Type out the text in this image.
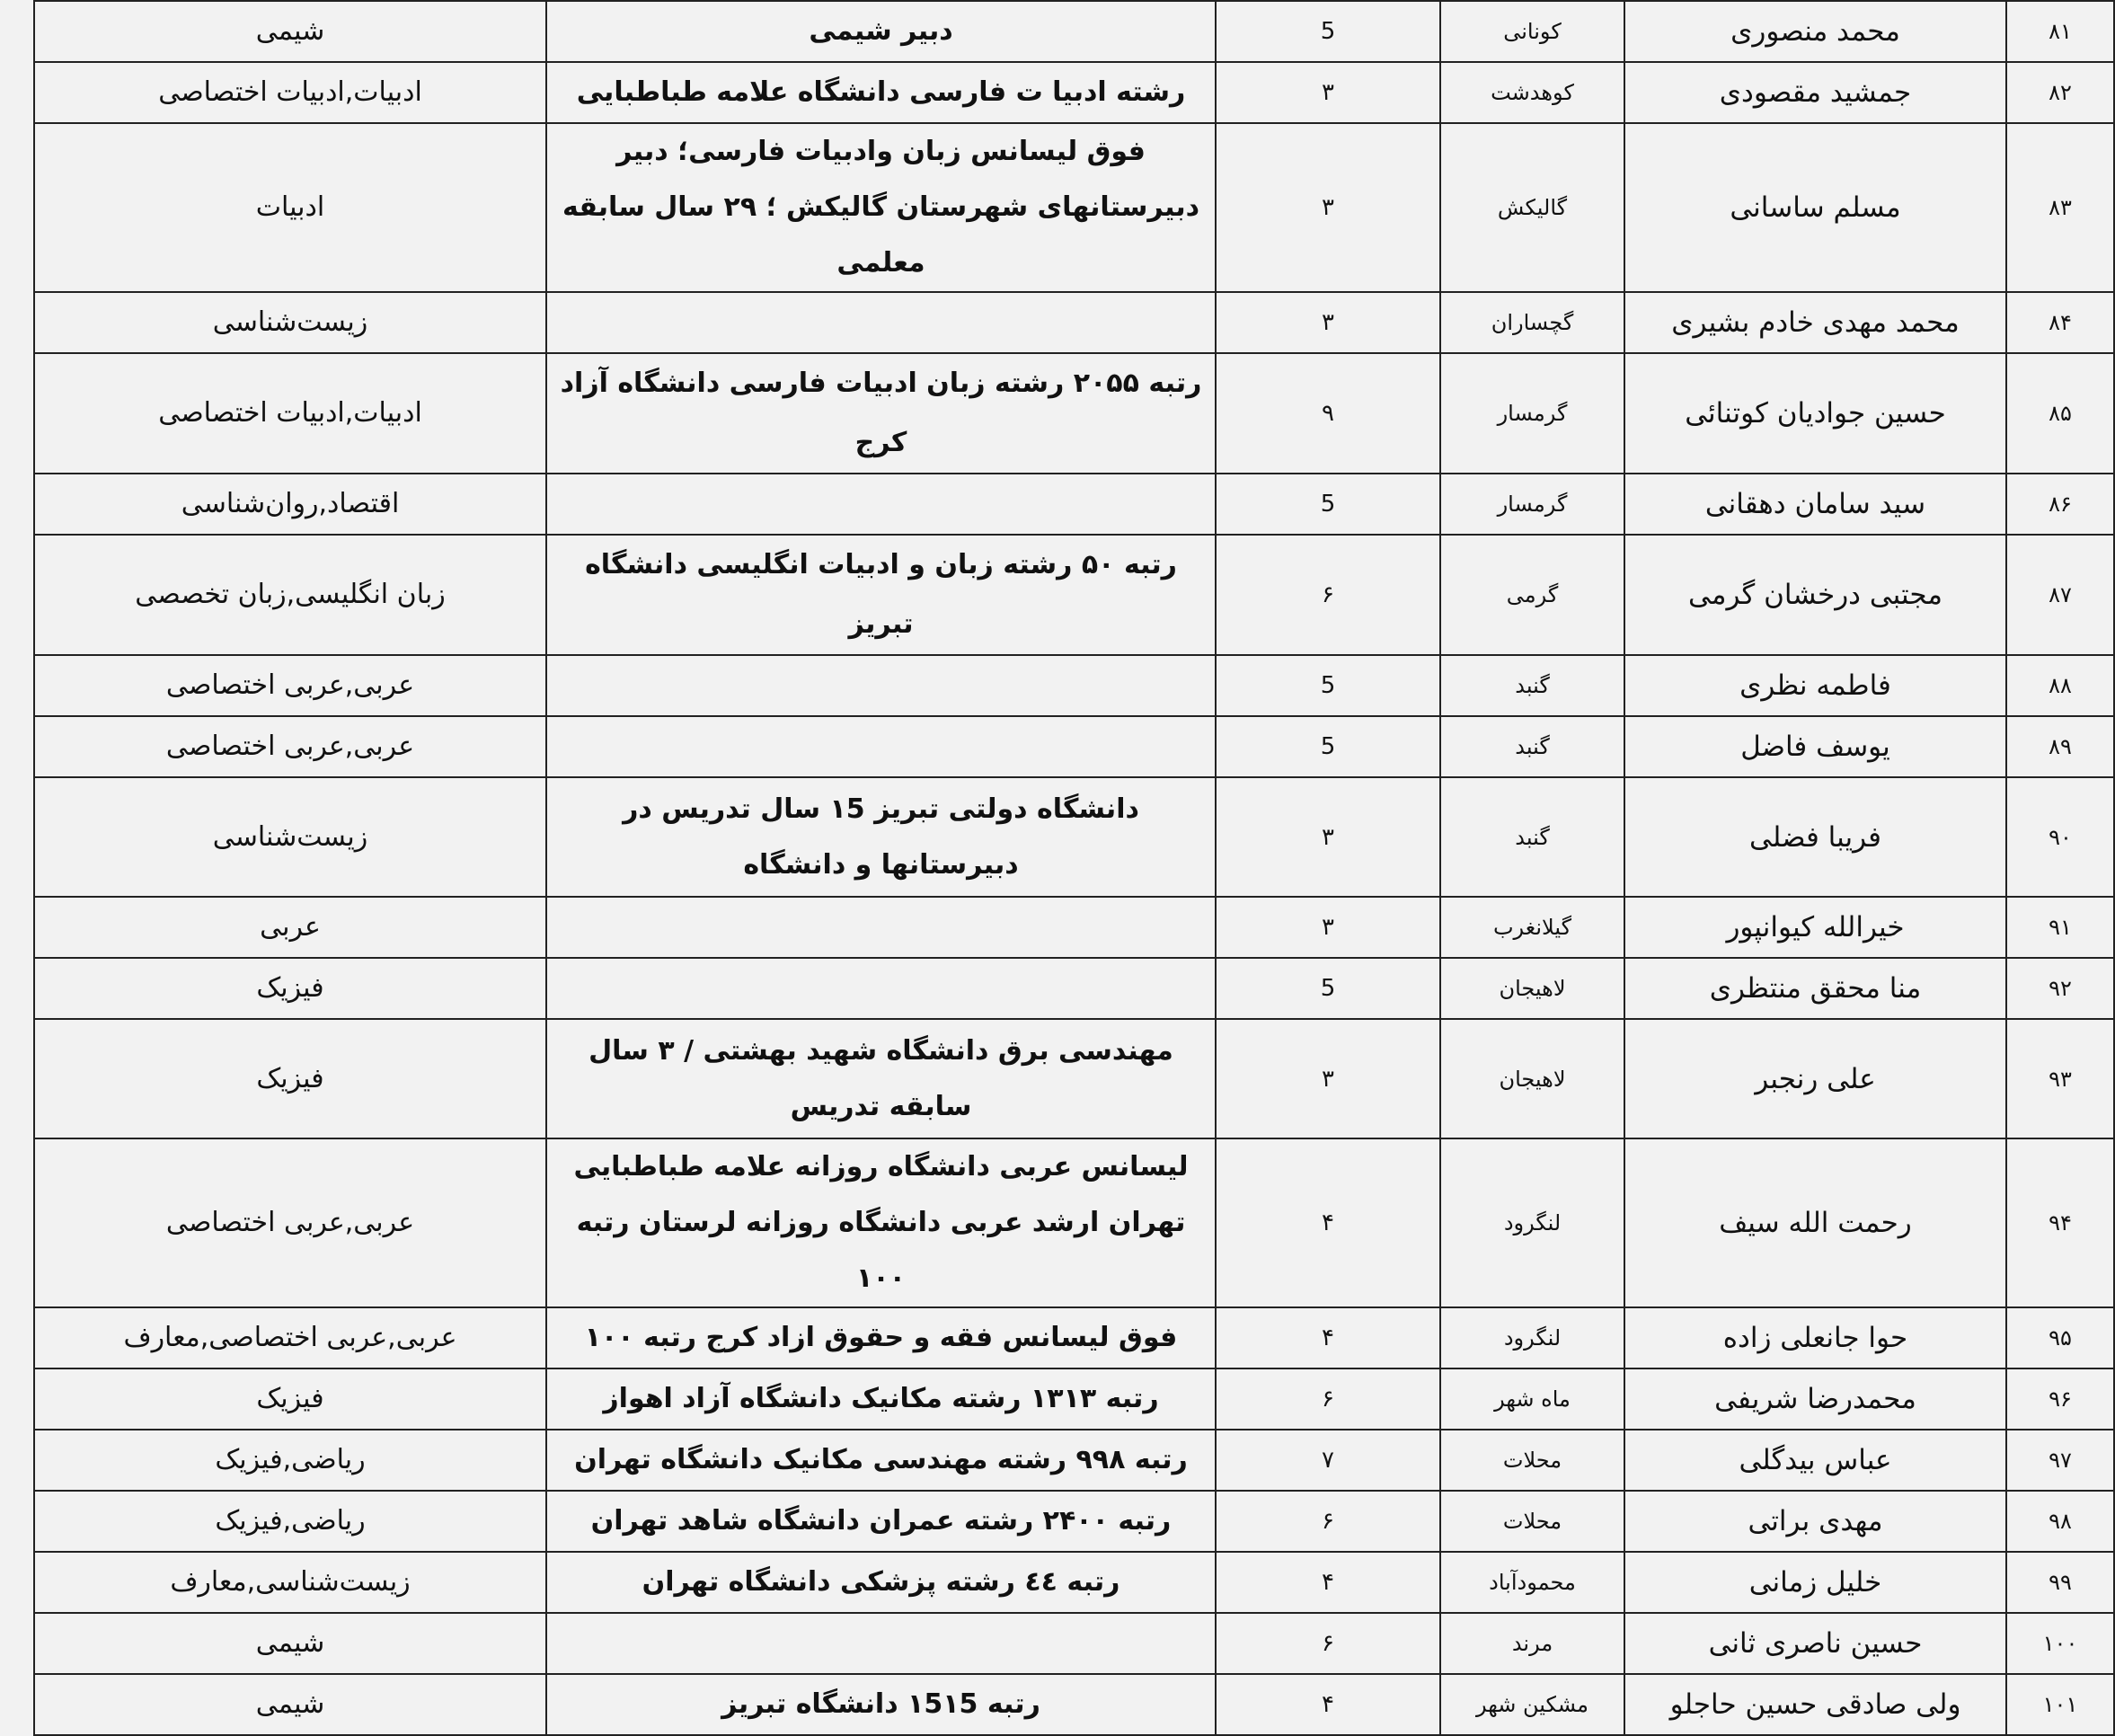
۸۱	محمد منصوری	کونانی	5	دبیر شیمی	شیمی
۸۲	جمشید مقصودی	کوهدشت	۳	رشته ادبیا ت فارسی دانشگاه علامه طباطبایی	ادبیات,ادبیات اختصاصی
۸۳	مسلم ساسانی	گالیکش	۳	فوق لیسانس زبان وادبیات فارسی؛ دبیر دبیرستانهای شهرستان گالیکش ؛ ۲۹ سال سابقه معلمی	ادبیات
۸۴	محمد مهدی خادم بشیری	گچساران	۳		زیست‌شناسی
۸۵	حسین جوادیان کوتنائی	گرمسار	۹	رتبه ۲۰۵۵ رشته زبان ادبیات فارسی دانشگاه آزاد کرج	ادبیات,ادبیات اختصاصی
۸۶	سید سامان دهقانی	گرمسار	5		اقتصاد,روان‌شناسی
۸۷	مجتبی درخشان گرمی	گرمی	۶	رتبه ۵۰ رشته زبان و ادبیات انگلیسی دانشگاه تبریز	زبان انگلیسی,زبان تخصصی
۸۸	فاطمه نظری	گنبد	5		عربی,عربی اختصاصی
۸۹	یوسف فاضل	گنبد	5		عربی,عربی اختصاصی
۹۰	فریبا فضلی	گنبد	۳	دانشگاه دولتی تبریز ۱5 سال تدریس در دبیرستانها و دانشگاه	زیست‌شناسی
۹۱	خیرالله کیوانپور	گیلانغرب	۳		عربی
۹۲	منا محقق منتظری	لاهیجان	5		فیزیک
۹۳	علی رنجبر	لاهیجان	۳	مهندسی برق دانشگاه شهید بهشتی / ۳ سال سابقه تدریس	فیزیک
۹۴	رحمت الله سیف	لنگرود	۴	لیسانس عربی دانشگاه روزانه علامه طباطبایی تهران ارشد عربی دانشگاه روزانه لرستان رتبه ۱۰۰	عربی,عربی اختصاصی
۹۵	حوا جانعلی زاده	لنگرود	۴	فوق لیسانس فقه و حقوق ازاد کرج رتبه ۱۰۰	عربی,عربی اختصاصی,معارف
۹۶	محمدرضا شریفی	ماه شهر	۶	رتبه ۱۳۱۳ رشته مکانیک دانشگاه آزاد اهواز	فیزیک
۹۷	عباس بیدگلی	محلات	۷	رتبه ۹۹۸ رشته مهندسی مکانیک دانشگاه تهران	ریاضی,فیزیک
۹۸	مهدی براتی	محلات	۶	رتبه ۲۴۰۰ رشته عمران دانشگاه شاهد تهران	ریاضی,فیزیک
۹۹	خلیل زمانی	محمودآباد	۴	رتبه ٤٤ رشته پزشکی دانشگاه تهران	زیست‌شناسی,معارف
۱۰۰	حسین ناصری ثانی	مرند	۶		شیمی
۱۰۱	ولی صادقی حسین حاجلو	مشکین شهر	۴	رتبه ۱5۱5 دانشگاه تبریز	شیمی
